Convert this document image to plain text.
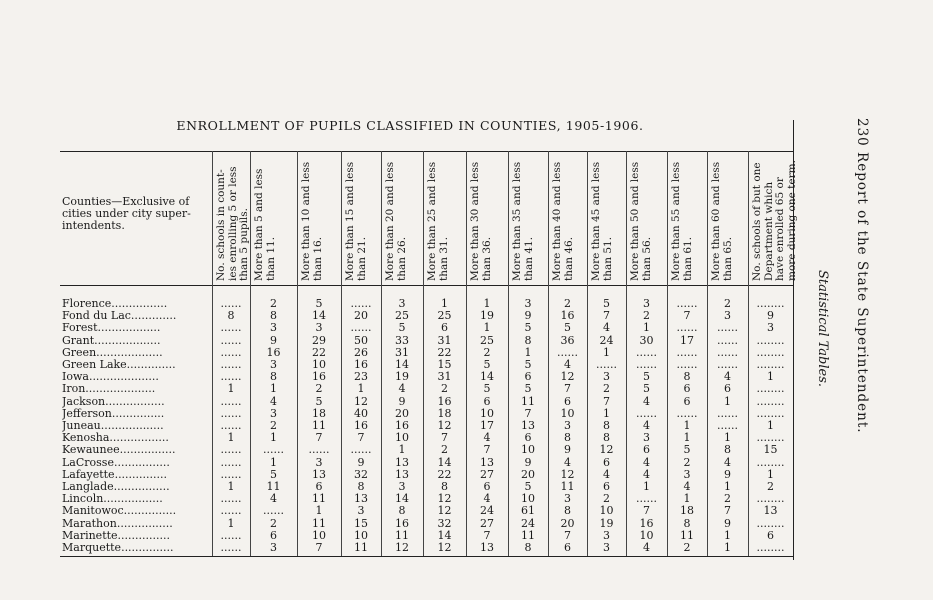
ENROLLMENT OF PUPILS CLASSIFIED IN COUNTIES, 1905-1906.	230 Report of the State Superintendent.
Statistical Tables.
Counties—Exclusive of cities under city super-intendents.	No. schools in count-ies enrolling 5 or less than 5 pupils. More than 5 and less than 11. More than 10 and less than 16. More than 15 and less than 21. More than 20 and less than 26. More than 25 and less than 31. More than 30 and less than 36. More than 35 and less than 41. More than 40 and less than 46. More than 45 and less than 51. More than 50 and less than 56. More than 55 and less than 61. More than 60 and less than 65. No. schools of but one Department which have enrolled 65 or more during one term.
Florence................	......	2	5	......	3	1	1	3	2	5	3	......	2	........
Fond du Lac.............	8	8	14	20	25	25	19	9	16	7	2	7	3	9
Forest..................	......	3	3	......	5	6	1	5	5	4	1	......	......	3
Grant...................	......	9	29	50	33	31	25	8	36	24	30	17	......	........
Green...................	......	16	22	26	31	22	2	1	......	1	......	......	......	........
Green Lake..............	......	3	10	16	14	15	5	5	4	......	......	......	......	........
Iowa....................	......	8	16	23	19	31	14	6	12	3	5	8	4	1
Iron....................	1	1	2	1	4	2	5	5	7	2	5	6	6	........
Jackson.................	......	4	5	12	9	16	6	11	6	7	4	6	1	........
Jefferson...............	......	3	18	40	20	18	10	7	10	1	......	......	......	........
Juneau..................	......	2	11	16	16	12	17	13	3	8	4	1	......	1
Kenosha.................	1	1	7	7	10	7	4	6	8	8	3	1	1	........
Kewaunee................	......	......	......	......	1	2	7	10	9	12	6	5	8	15
LaCrosse................	......	1	3	9	13	14	13	9	4	6	4	2	4	........
Lafayette...............	......	5	13	32	13	22	27	20	12	4	4	3	9	1
Langlade................	1	11	6	8	3	8	6	5	11	6	1	4	1	2
Lincoln.................	......	4	11	13	14	12	4	10	3	2	......	1	2	........
Manitowoc...............	......	......	1	3	8	12	24	61	8	10	7	18	7	13
Marathon................	1	2	11	15	16	32	27	24	20	19	16	8	9	........
Marinette...............	......	6	10	10	11	14	7	11	7	3	10	11	1	6
Marquette...............	......	3	7	11	12	12	13	8	6	3	4	2	1	........
